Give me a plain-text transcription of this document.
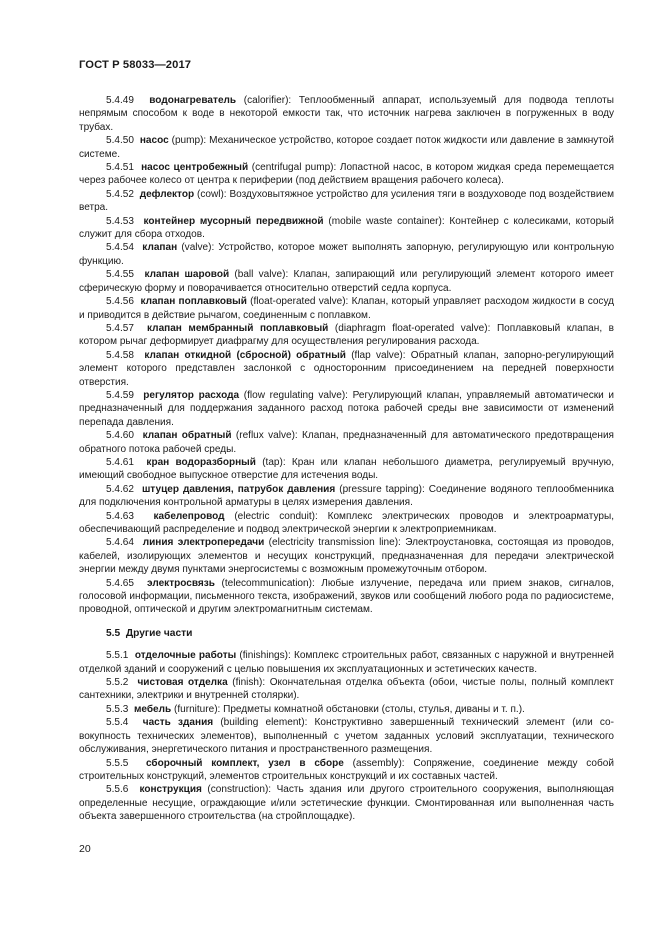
ГОСТ Р 58033—2017

5.4.49 водонагреватель (calorifier): Теплообменный аппарат, используемый для подвода теплоты непрямым способом к воде в некоторой емкости так, что источник нагрева заключен в погруженных в воду трубах.

5.4.50 насос (pump): Механическое устройство, которое создает поток жидкости или давление в замкнутой системе.

5.4.51 насос центробежный (centrifugal pump): Лопастной насос, в котором жидкая среда перемещается через рабочее колесо от центра к периферии (под действием вращения рабочего колеса).

5.4.52 дефлектор (cowl): Воздуховытяжное устройство для усиления тяги в воздуховоде под воздействием ветра.

5.4.53 контейнер мусорный передвижной (mobile waste container): Контейнер с колесиками, который служит для сбора отходов.

5.4.54 клапан (valve): Устройство, которое может выполнять запорную, регулирующую или контрольную функцию.

5.4.55 клапан шаровой (ball valve): Клапан, запирающий или регулирующий элемент которого имеет сферическую форму и поворачивается относительно отверстий седла корпуса.

5.4.56 клапан поплавковый (float-operated valve): Клапан, который управляет расходом жидкости в сосуд и приводится в действие рычагом, соединенным с поплавком.

5.4.57 клапан мембранный поплавковый (diaphragm float-operated valve): Поплавковый клапан, в котором рычаг деформирует диафрагму для осуществления регулирования расхода.

5.4.58 клапан откидной (сбросной) обратный (flap valve): Обратный клапан, запорно-регулирующий элемент которого представлен заслонкой с односторонним присоединением на передней поверхности отверстия.

5.4.59 регулятор расхода (flow regulating valve): Регулирующий клапан, управляемый автоматически и предназначенный для поддержания заданного расход потока рабочей среды вне зависимости от изменений перепада давления.

5.4.60 клапан обратный (reflux valve): Клапан, предназначенный для автоматического предотвращения обратного потока рабочей среды.

5.4.61 кран водоразборный (tap): Кран или клапан небольшого диаметра, регулируемый вручную, имеющий свободное выпускное отверстие для истечения воды.

5.4.62 штуцер давления, патрубок давления (pressure tapping): Соединение водяного теплообменника для подключения контрольной арматуры в целях измерения давления.

5.4.63 кабелепровод (electric conduit): Комплекс электрических проводов и электроарматуры, обеспечивающий распределение и подвод электрической энергии к электроприемникам.

5.4.64 линия электропередачи (electricity transmission line): Электроустановка, состоящая из проводов, кабелей, изолирующих элементов и несущих конструкций, предназначенная для передачи электрической энергии между двумя пунктами энергосистемы с возможным промежуточным отбором.

5.4.65 электросвязь (telecommunication): Любые излучение, передача или прием знаков, сигналов, голосовой информации, письменного текста, изображений, звуков или сообщений любого рода по радиосистеме, проводной, оптической и другим электромагнитным системам.

5.5 Другие части

5.5.1 отделочные работы (finishings): Комплекс строительных работ, связанных с наружной и внутренней отделкой зданий и сооружений с целью повышения их эксплуатационных и эстетических качеств.

5.5.2 чистовая отделка (finish): Окончательная отделка объекта (обои, чистые полы, полный комплект сантехники, электрики и внутренней столярки).

5.5.3 мебель (furniture): Предметы комнатной обстановки (столы, стулья, диваны и т. п.).

5.5.4 часть здания (building element): Конструктивно завершенный технический элемент (или совокупность технических элементов), выполненный с учетом заданных условий эксплуатации, технического обслуживания, энергетического питания и пространственного размещения.

5.5.5 сборочный комплект, узел в сборе (assembly): Сопряжение, соединение между собой строительных конструкций, элементов строительных конструкций и их составных частей.

5.5.6 конструкция (construction): Часть здания или другого строительного сооружения, выполняющая определенные несущие, ограждающие и/или эстетические функции. Смонтированная или выполненная часть объекта завершенного строительства (на стройплощадке).

20
